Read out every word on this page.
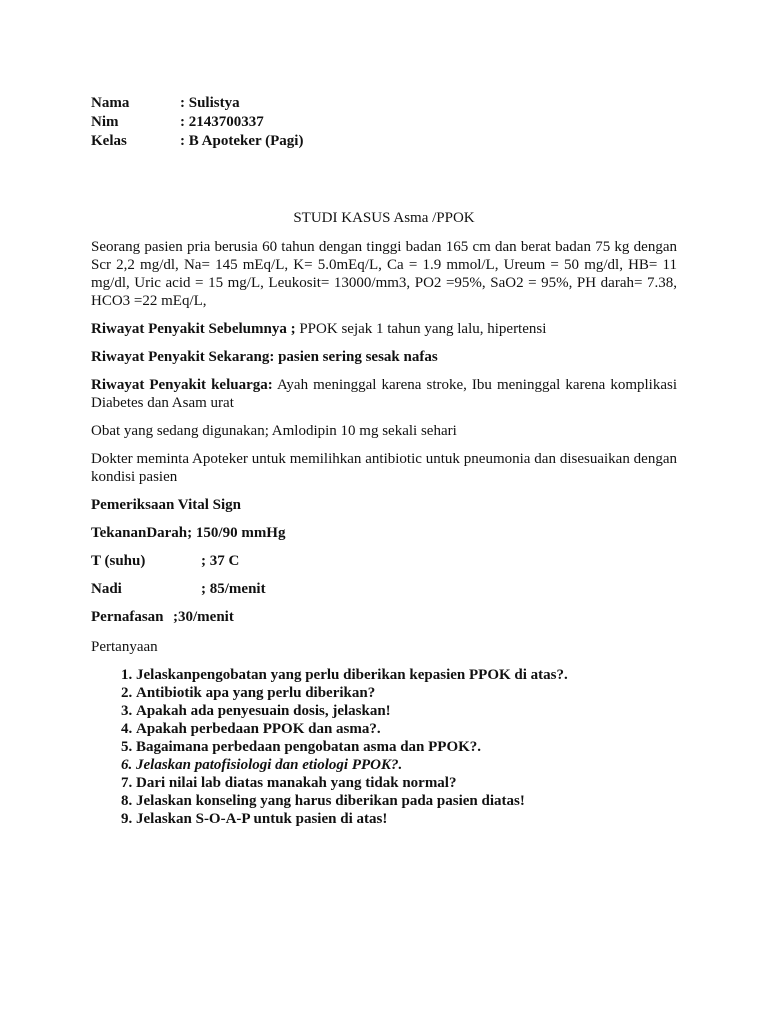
Nama	: Sulistya
Nim	: 2143700337
Kelas	: B Apoteker (Pagi)
STUDI KASUS Asma /PPOK

Seorang pasien pria berusia 60 tahun dengan tinggi badan 165 cm dan berat badan 75 kg dengan Scr 2,2 mg/dl, Na= 145 mEq/L, K= 5.0mEq/L, Ca = 1.9 mmol/L, Ureum = 50 mg/dl, HB= 11 mg/dl, Uric acid = 15 mg/L, Leukosit= 13000/mm3, PO2 =95%, SaO2 = 95%, PH darah= 7.38, HCO3 =22 mEq/L,

Riwayat Penyakit Sebelumnya ; PPOK sejak 1 tahun yang lalu, hipertensi

Riwayat Penyakit Sekarang: pasien sering sesak nafas

Riwayat Penyakit keluarga: Ayah meninggal karena stroke, Ibu meninggal karena komplikasi Diabetes dan Asam urat

Obat yang sedang digunakan; Amlodipin 10 mg sekali sehari

Dokter meminta Apoteker untuk memilihkan antibiotic untuk pneumonia dan disesuaikan dengan kondisi pasien

Pemeriksaan Vital Sign
TekananDarah ; 150/90 mmHg
T (suhu)	; 37 C
Nadi	; 85/menit
Pernafasan ;30/menit
Pertanyaan
1. Jelaskanpengobatan yang perlu diberikan kepasien PPOK di atas?.
2. Antibiotik apa yang perlu diberikan?
3. Apakah ada penyesuain dosis, jelaskan!
4. Apakah perbedaan PPOK dan asma?.
5. Bagaimana perbedaan pengobatan asma dan PPOK?.
6. Jelaskan patofisiologi dan etiologi PPOK?.
7. Dari nilai lab diatas manakah yang tidak normal?
8. Jelaskan konseling yang harus diberikan pada pasien diatas!
9. Jelaskan S-O-A-P untuk pasien di atas!
